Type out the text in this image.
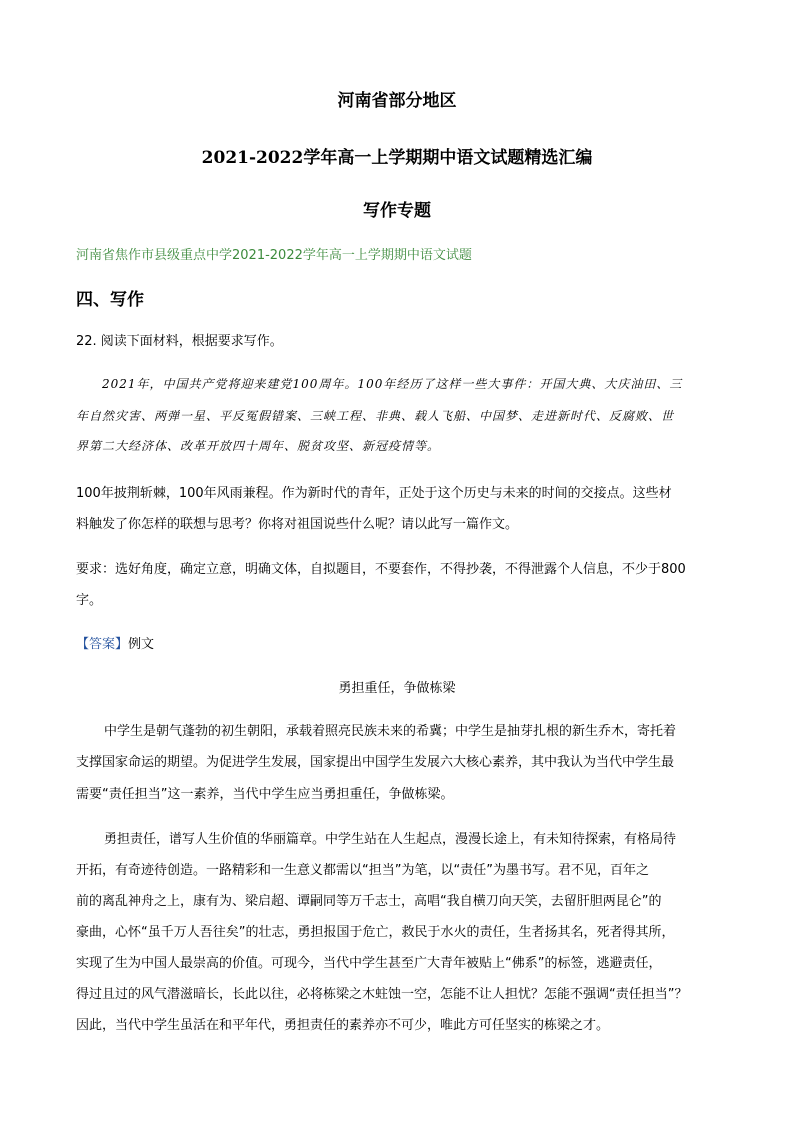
河南省部分地区
2021-2022学年高一上学期期中语文试题精选汇编
写作专题
河南省焦作市县级重点中学2021-2022学年高一上学期期中语文试题
四、写作
22. 阅读下面材料，根据要求写作。
2021年，中国共产党将迎来建党100周年。100年经历了这样一些大事件：开国大典、大庆油田、三
年自然灾害、两弹一星、平反冤假错案、三峡工程、非典、载人飞船、中国梦、走进新时代、反腐败、世
界第二大经济体、改革开放四十周年、脱贫攻坚、新冠疫情等。
100年披荆斩棘，100年风雨兼程。作为新时代的青年，正处于这个历史与未来的时间的交接点。这些材
料触发了你怎样的联想与思考？你将对祖国说些什么呢？请以此写一篇作文。
要求：选好角度，确定立意，明确文体，自拟题目，不要套作，不得抄袭，不得泄露个人信息，不少于800
字。
【答案】例文
勇担重任，争做栋梁
中学生是朝气蓬勃的初生朝阳，承载着照亮民族未来的希冀；中学生是抽芽扎根的新生乔木，寄托着
支撑国家命运的期望。为促进学生发展，国家提出中国学生发展六大核心素养，其中我认为当代中学生最
需要“责任担当”这一素养，当代中学生应当勇担重任，争做栋梁。
勇担责任，谱写人生价值的华丽篇章。中学生站在人生起点，漫漫长途上，有未知待探索，有格局待
开拓，有奇迹待创造。一路精彩和一生意义都需以“担当”为笔，以“责任”为墨书写。君不见，百年之
前的离乱神舟之上，康有为、梁启超、谭嗣同等万千志士，高唱“我自横刀向天笑，去留肝胆两昆仑”的
豪曲，心怀“虽千万人吾往矣”的壮志，勇担报国于危亡，救民于水火的责任，生者扬其名，死者得其所，
实现了生为中国人最崇高的价值。可现今，当代中学生甚至广大青年被贴上“佛系”的标签，逃避责任，
得过且过的风气潜滋暗长，长此以往，必将栋梁之木蛀蚀一空，怎能不让人担忧？怎能不强调“责任担当”？
因此，当代中学生虽活在和平年代，勇担责任的素养亦不可少，唯此方可任坚实的栋梁之才。
